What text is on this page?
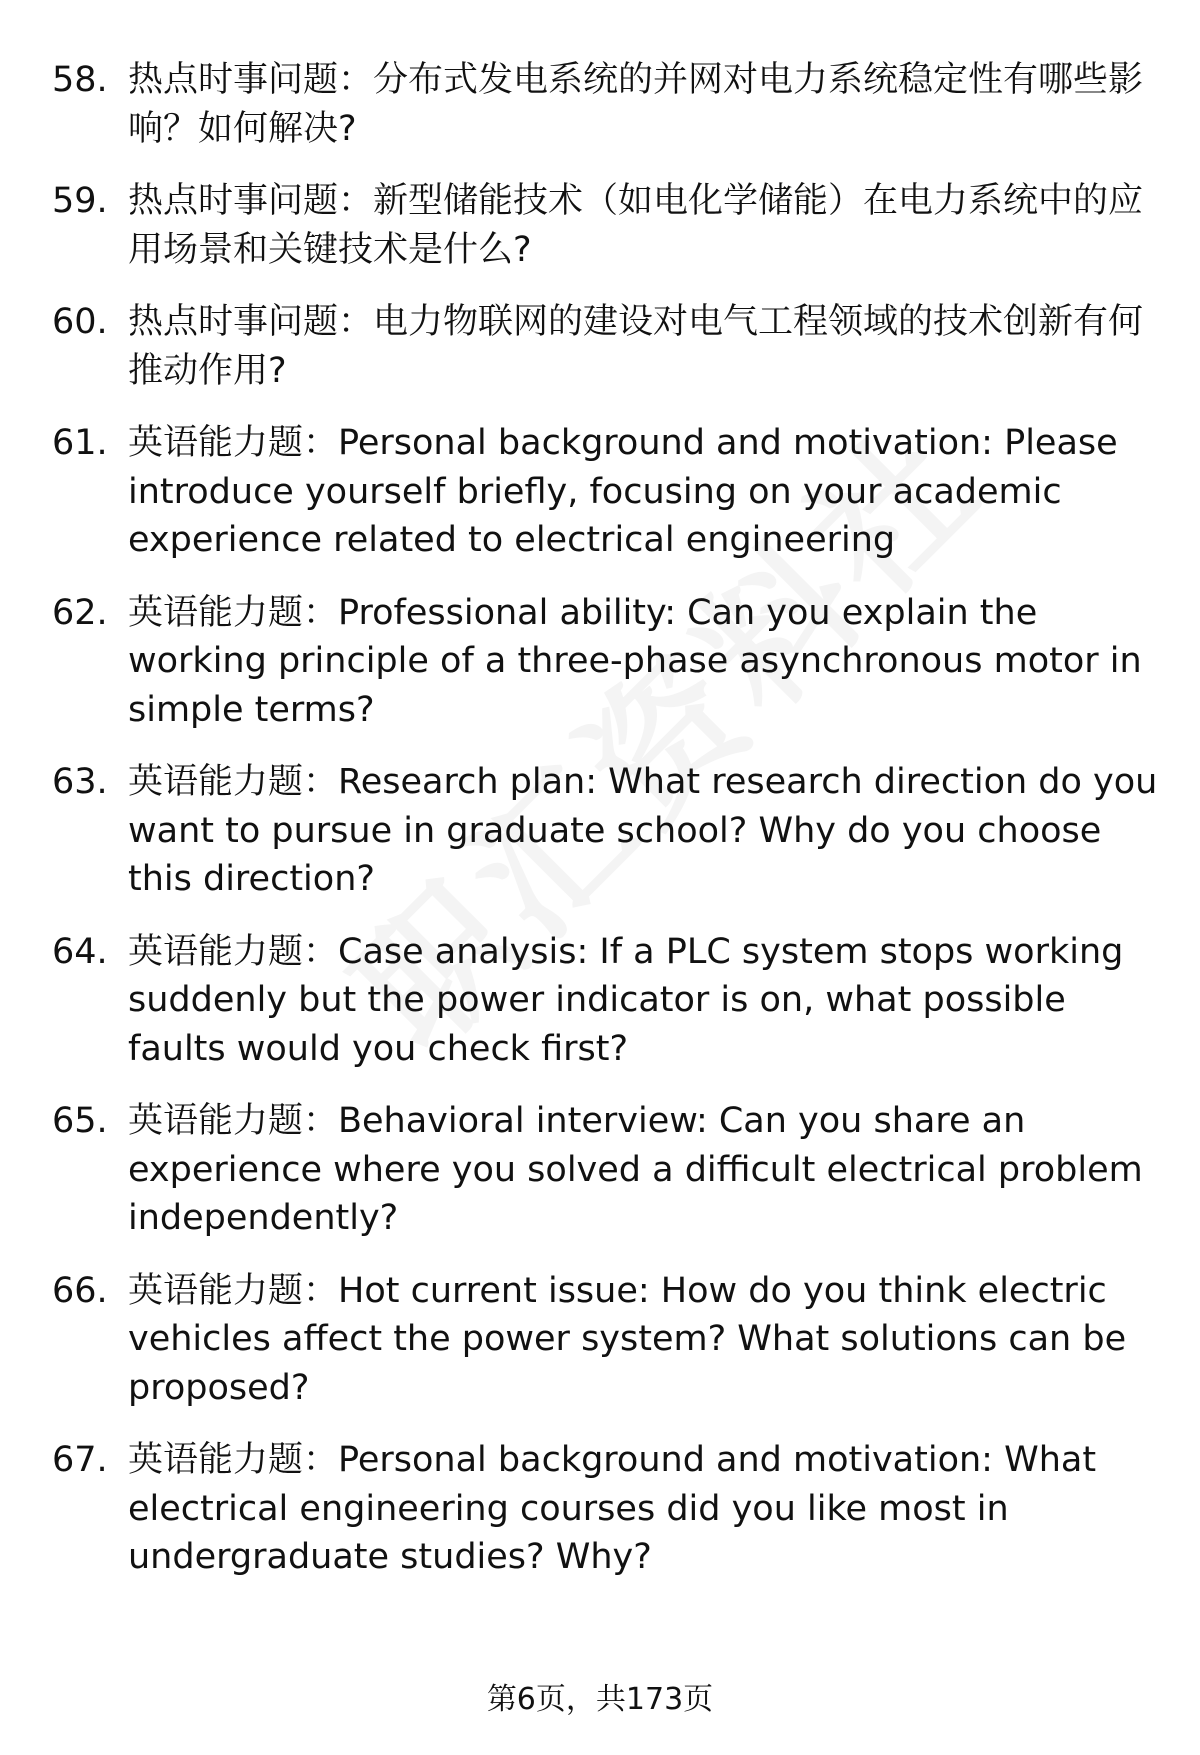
58. 热点时事问题：分布式发电系统的并网对电力系统稳定性有哪些影响？如何解决?
59. 热点时事问题：新型储能技术（如电化学储能）在电力系统中的应用场景和关键技术是什么?
60. 热点时事问题：电力物联网的建设对电气工程领域的技术创新有何推动作用?
61. 英语能力题：Personal background and motivation: Please introduce yourself briefly, focusing on your academic experience related to electrical engineering
62. 英语能力题：Professional ability: Can you explain the working principle of a three-phase asynchronous motor in simple terms?
63. 英语能力题：Research plan: What research direction do you want to pursue in graduate school? Why do you choose this direction?
64. 英语能力题：Case analysis: If a PLC system stops working suddenly but the power indicator is on, what possible faults would you check first?
65. 英语能力题：Behavioral interview: Can you share an experience where you solved a difficult electrical problem independently?
66. 英语能力题：Hot current issue: How do you think electric vehicles affect the power system? What solutions can be proposed?
67. 英语能力题：Personal background and motivation: What electrical engineering courses did you like most in undergraduate studies? Why?
第6页，共173页
